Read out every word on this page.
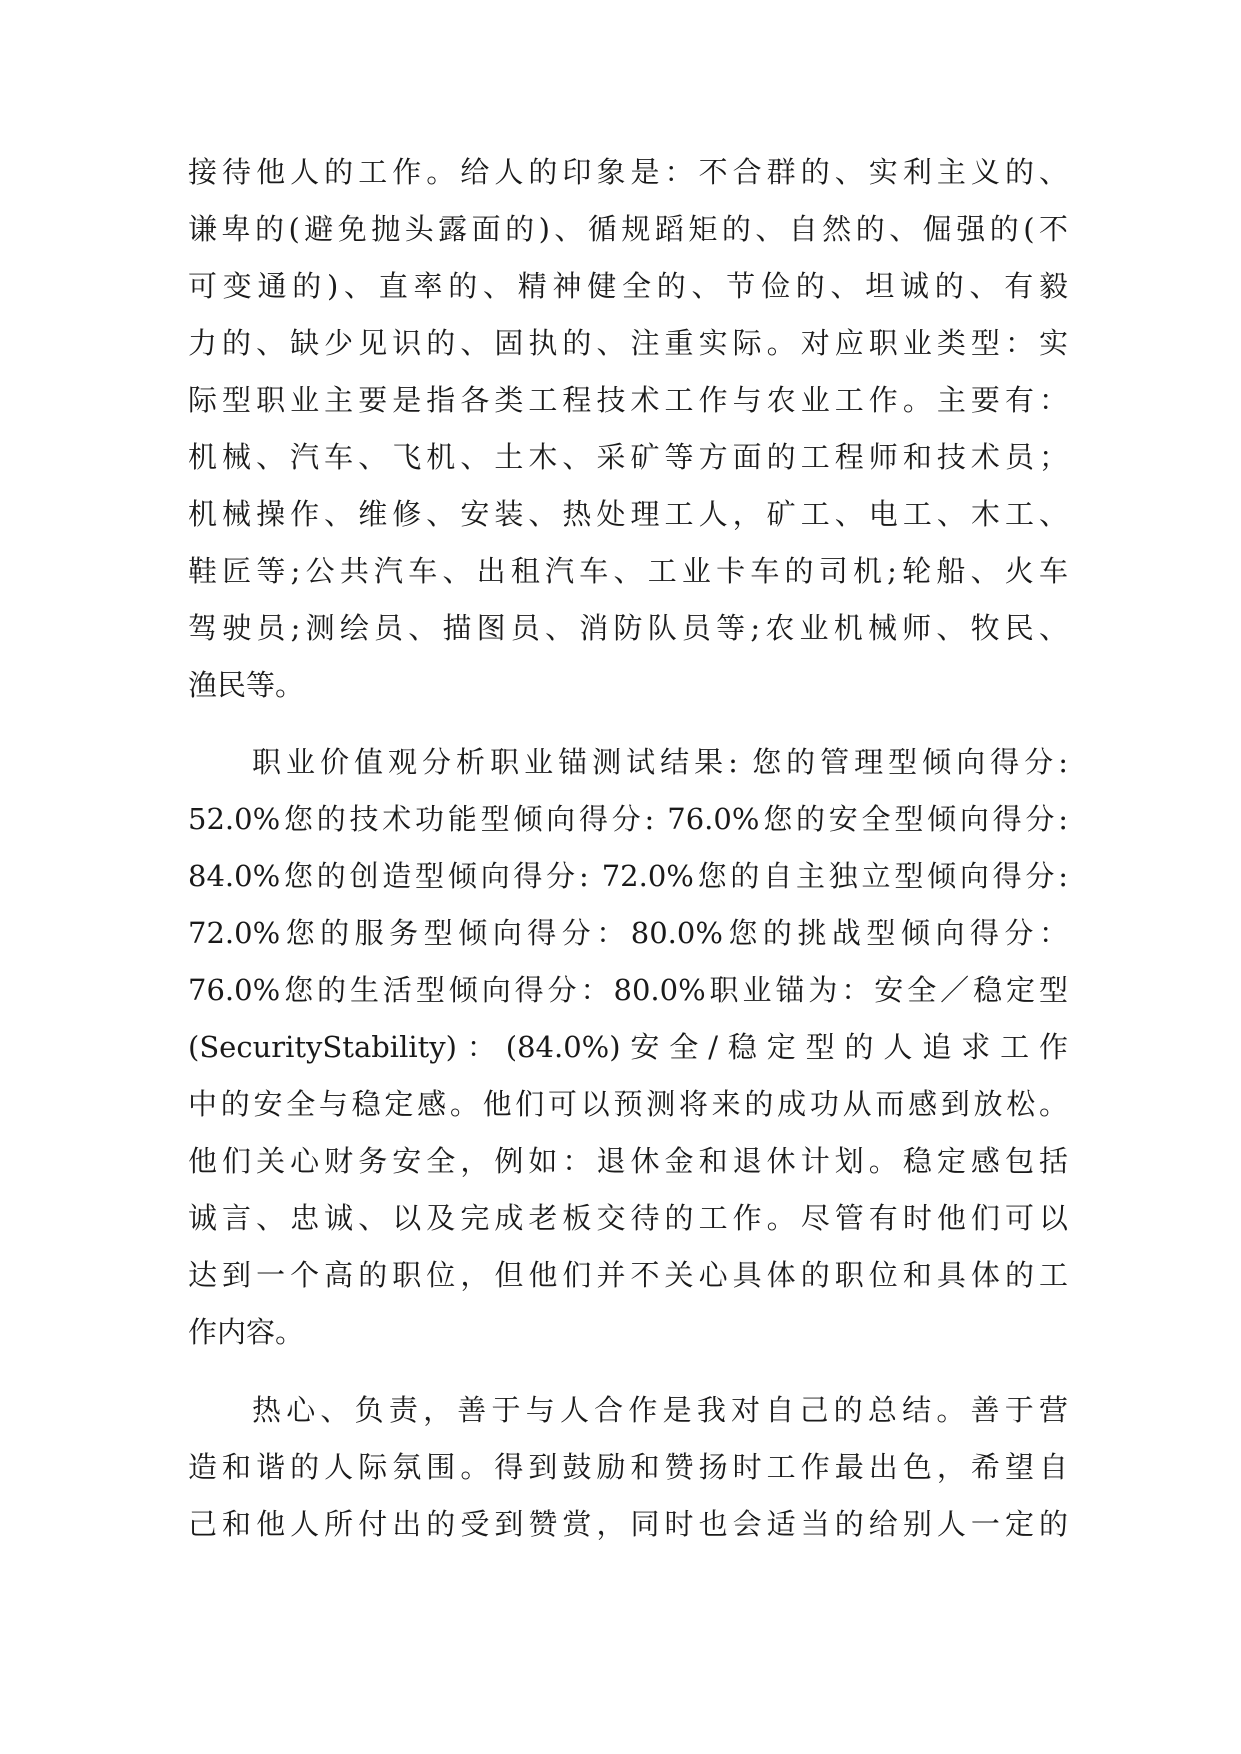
接待他人的工作。给人的印象是：不合群的、实利主义的、
谦卑的(避免抛头露面的)、循规蹈矩的、自然的、倔强的(不
可变通的)、直率的、精神健全的、节俭的、坦诚的、有毅
力的、缺少见识的、固执的、注重实际。对应职业类型：实
际型职业主要是指各类工程技术工作与农业工作。主要有：
机械、汽车、飞机、土木、采矿等方面的工程师和技术员；
机械操作、维修、安装、热处理工人，矿工、电工、木工、
鞋匠等;公共汽车、出租汽车、工业卡车的司机;轮船、火车
驾驶员;测绘员、描图员、消防队员等;农业机械师、牧民、
渔民等。
职业价值观分析职业锚测试结果: 您的管理型倾向得分:
52.0%您的技术功能型倾向得分: 76.0%您的安全型倾向得分:
84.0%您的创造型倾向得分: 72.0%您的自主独立型倾向得分:
72.0%您的服务型倾向得分：80.0%您的挑战型倾向得分：
76.0%您的生活型倾向得分：80.0%职业锚为：安全／稳定型
(SecurityStability)：(84.0%)安全/稳定型的人追求工作
中的安全与稳定感。他们可以预测将来的成功从而感到放松。
他们关心财务安全，例如：退休金和退休计划。稳定感包括
诚言、忠诚、以及完成老板交待的工作。尽管有时他们可以
达到一个高的职位，但他们并不关心具体的职位和具体的工
作内容。
热心、负责，善于与人合作是我对自己的总结。善于营
造和谐的人际氛围。得到鼓励和赞扬时工作最出色，希望自
己和他人所付出的受到赞赏，同时也会适当的给别人一定的
